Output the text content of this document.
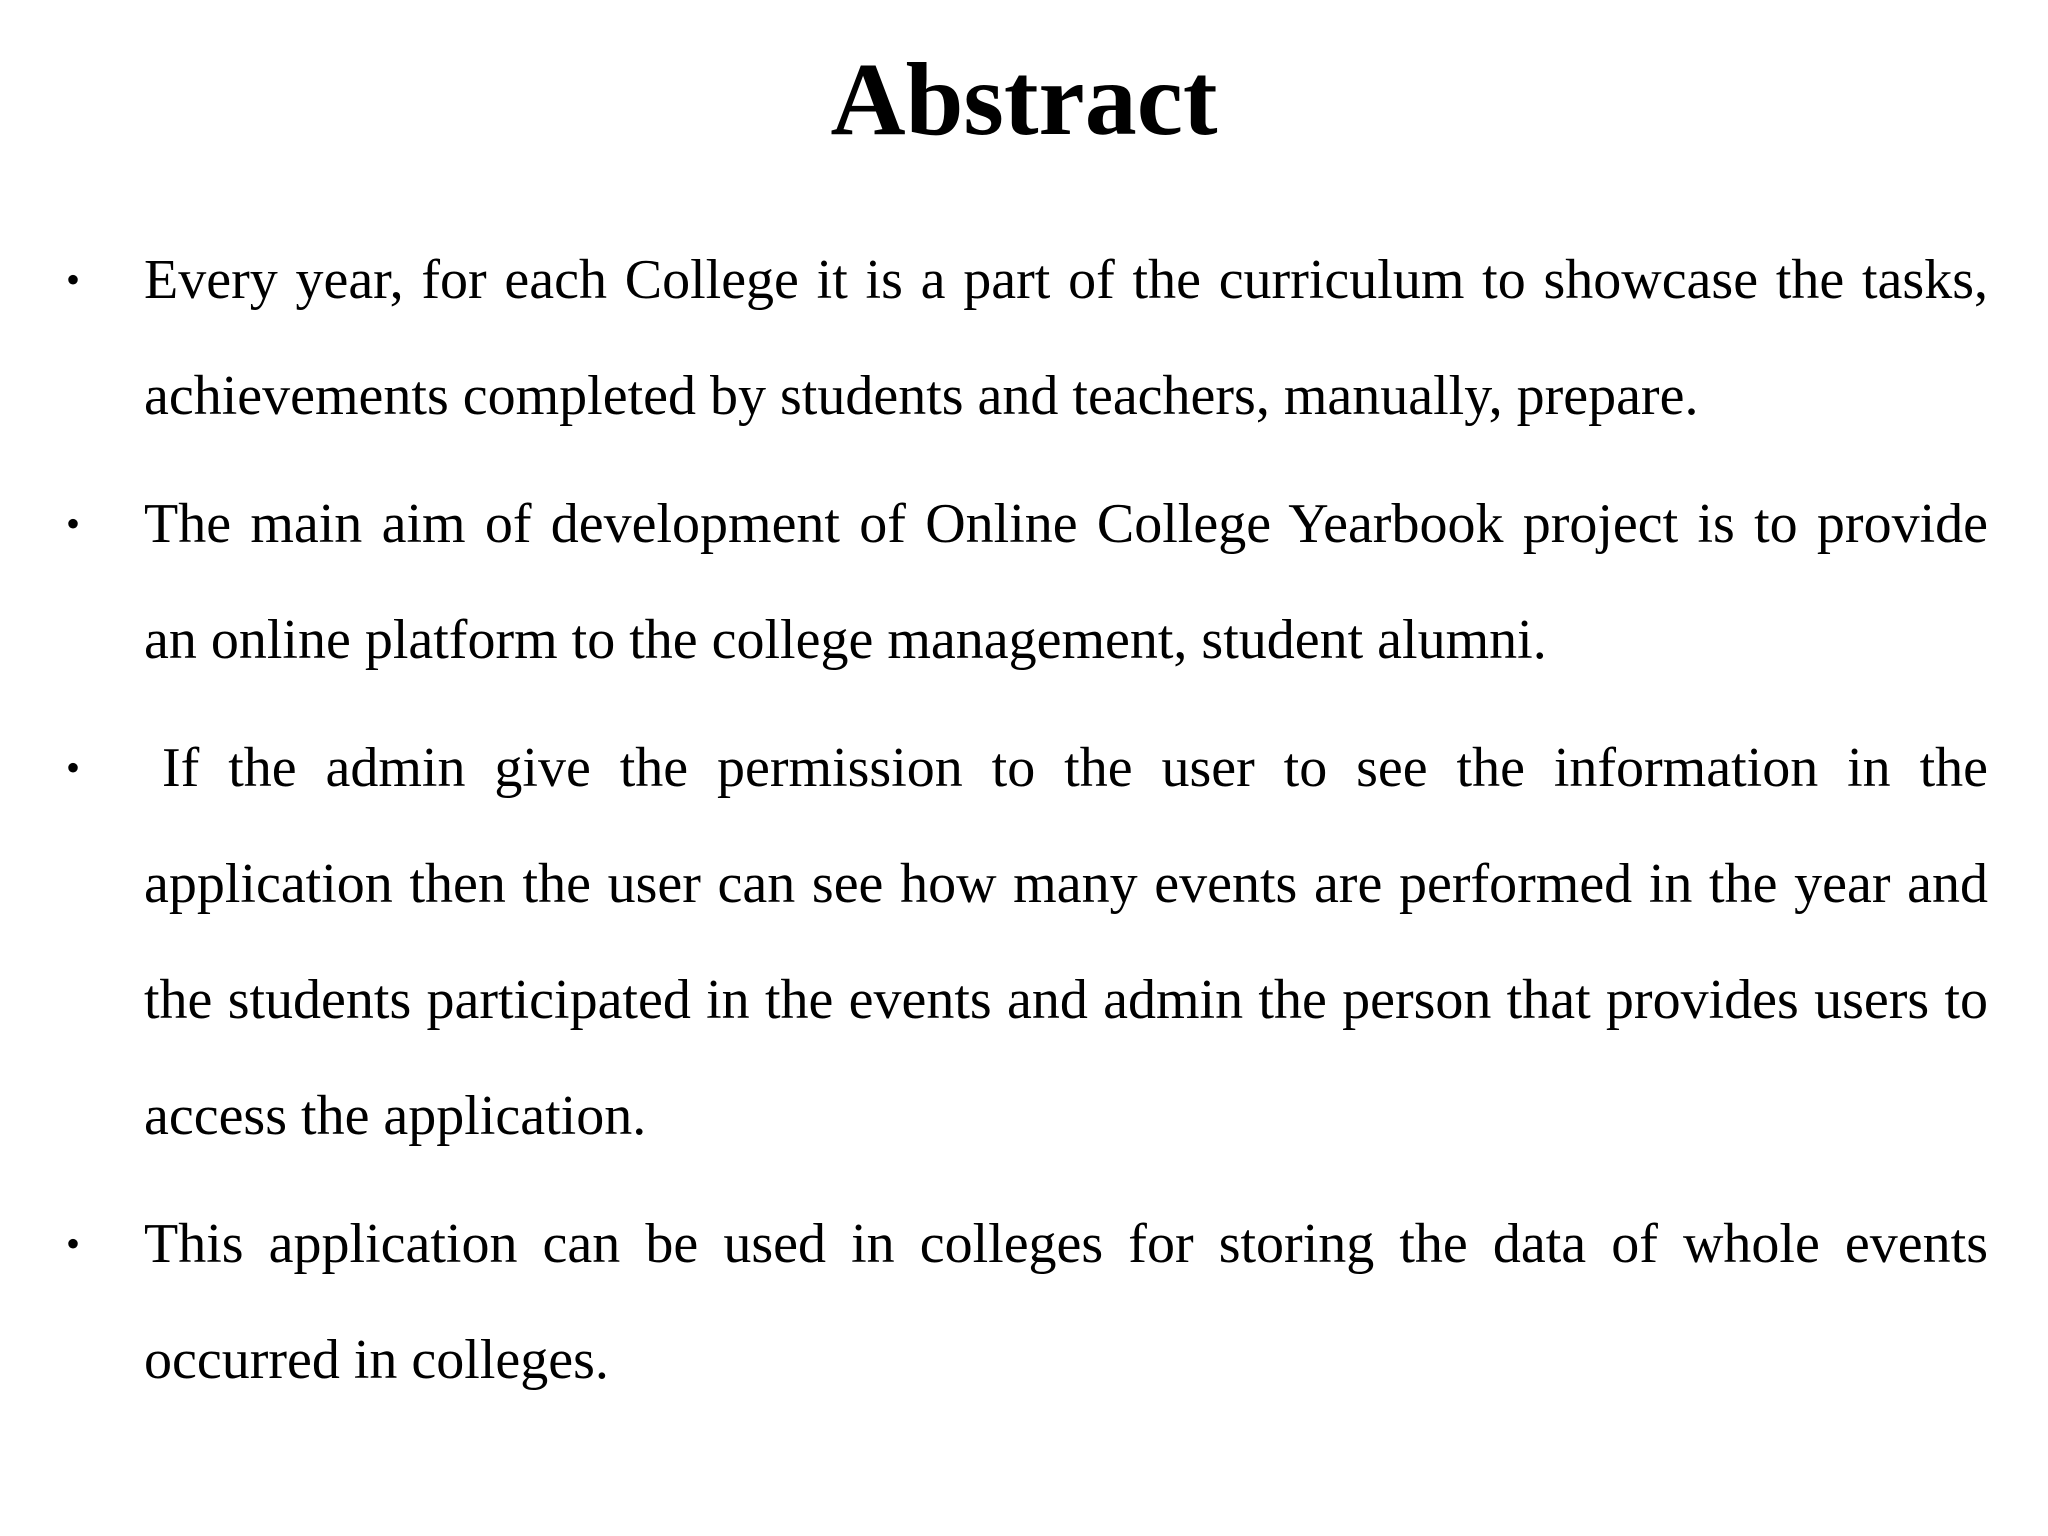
Abstract
• Every year, for each College it is a part of the curriculum to showcase the tasks, achievements completed by students and teachers, manually, prepare.
• The main aim of development of Online College Yearbook project is to provide an online platform to the college management, student alumni.
• If the admin give the permission to the user to see the information in the application then the user can see how many events are performed in the year and the students participated in the events and admin the person that provides users to access the application.
• This application can be used in colleges for storing the data of whole events occurred in colleges.
